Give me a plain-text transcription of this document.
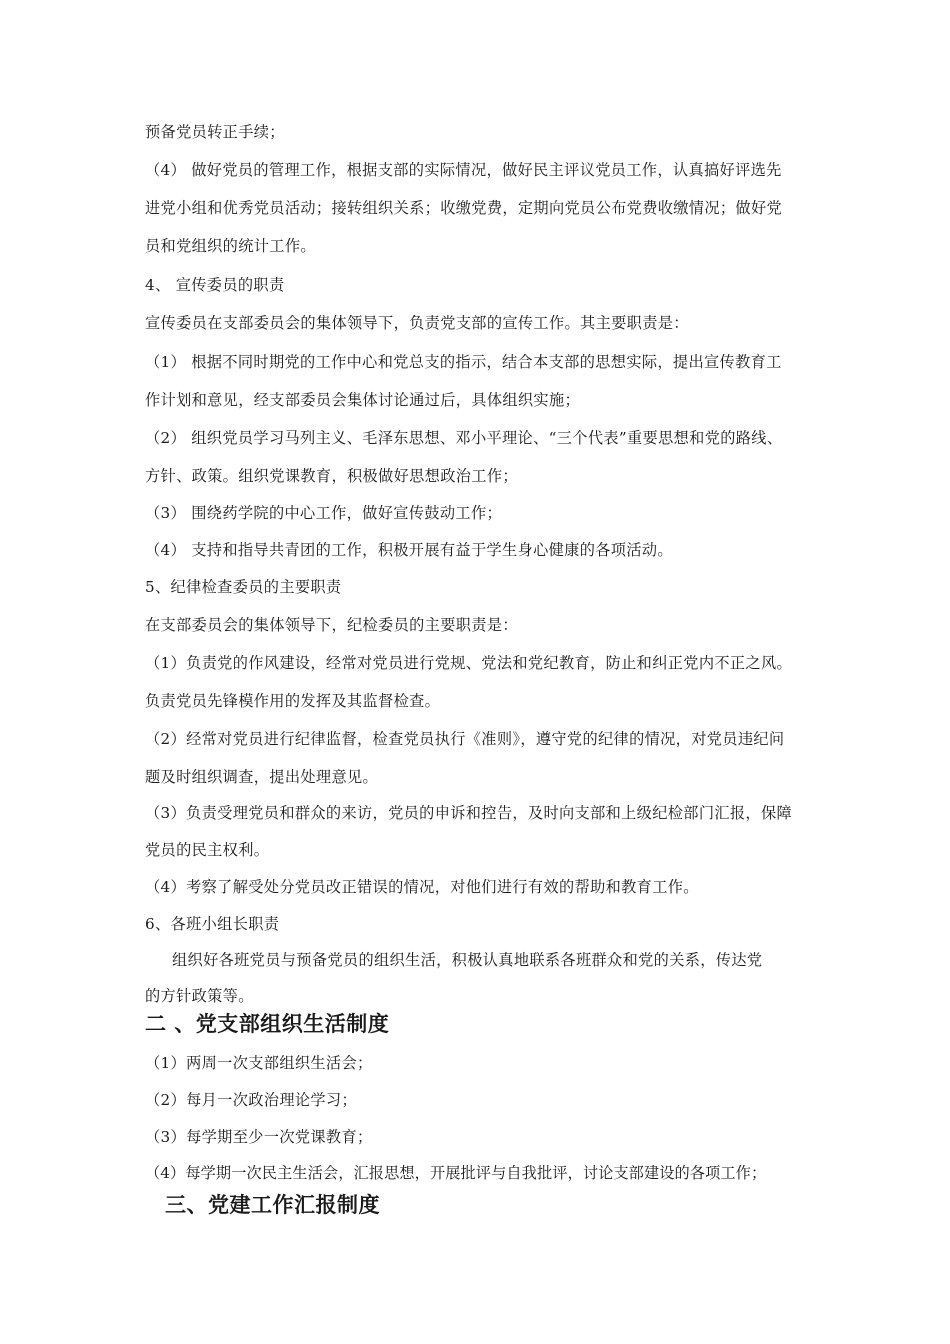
预备党员转正手续；
（4） 做好党员的管理工作，根据支部的实际情况，做好民主评议党员工作，认真搞好评选先
进党小组和优秀党员活动；接转组织关系；收缴党费，定期向党员公布党费收缴情况；做好党
员和党组织的统计工作。
4、 宣传委员的职责
宣传委员在支部委员会的集体领导下，负责党支部的宣传工作。其主要职责是：
（1） 根据不同时期党的工作中心和党总支的指示，结合本支部的思想实际，提出宣传教育工
作计划和意见，经支部委员会集体讨论通过后，具体组织实施；
（2） 组织党员学习马列主义、毛泽东思想、邓小平理论、“三个代表”重要思想和党的路线、
方针、政策。组织党课教育，积极做好思想政治工作；
（3） 围绕药学院的中心工作，做好宣传鼓动工作；
（4） 支持和指导共青团的工作，积极开展有益于学生身心健康的各项活动。
5、纪律检查委员的主要职责
在支部委员会的集体领导下，纪检委员的主要职责是：
（1）负责党的作风建设，经常对党员进行党规、党法和党纪教育，防止和纠正党内不正之风。
负责党员先锋模作用的发挥及其监督检查。
（2）经常对党员进行纪律监督，检查党员执行《准则》，遵守党的纪律的情况，对党员违纪问
题及时组织调查，提出处理意见。
（3）负责受理党员和群众的来访，党员的申诉和控告，及时向支部和上级纪检部门汇报，保障
党员的民主权利。
（4）考察了解受处分党员改正错误的情况，对他们进行有效的帮助和教育工作。
6、各班小组长职责
组织好各班党员与预备党员的组织生活，积极认真地联系各班群众和党的关系，传达党
的方针政策等。
二 、党支部组织生活制度
（1）两周一次支部组织生活会；
（2）每月一次政治理论学习；
（3）每学期至少一次党课教育；
（4）每学期一次民主生活会，汇报思想，开展批评与自我批评，讨论支部建设的各项工作；
三、党建工作汇报制度
